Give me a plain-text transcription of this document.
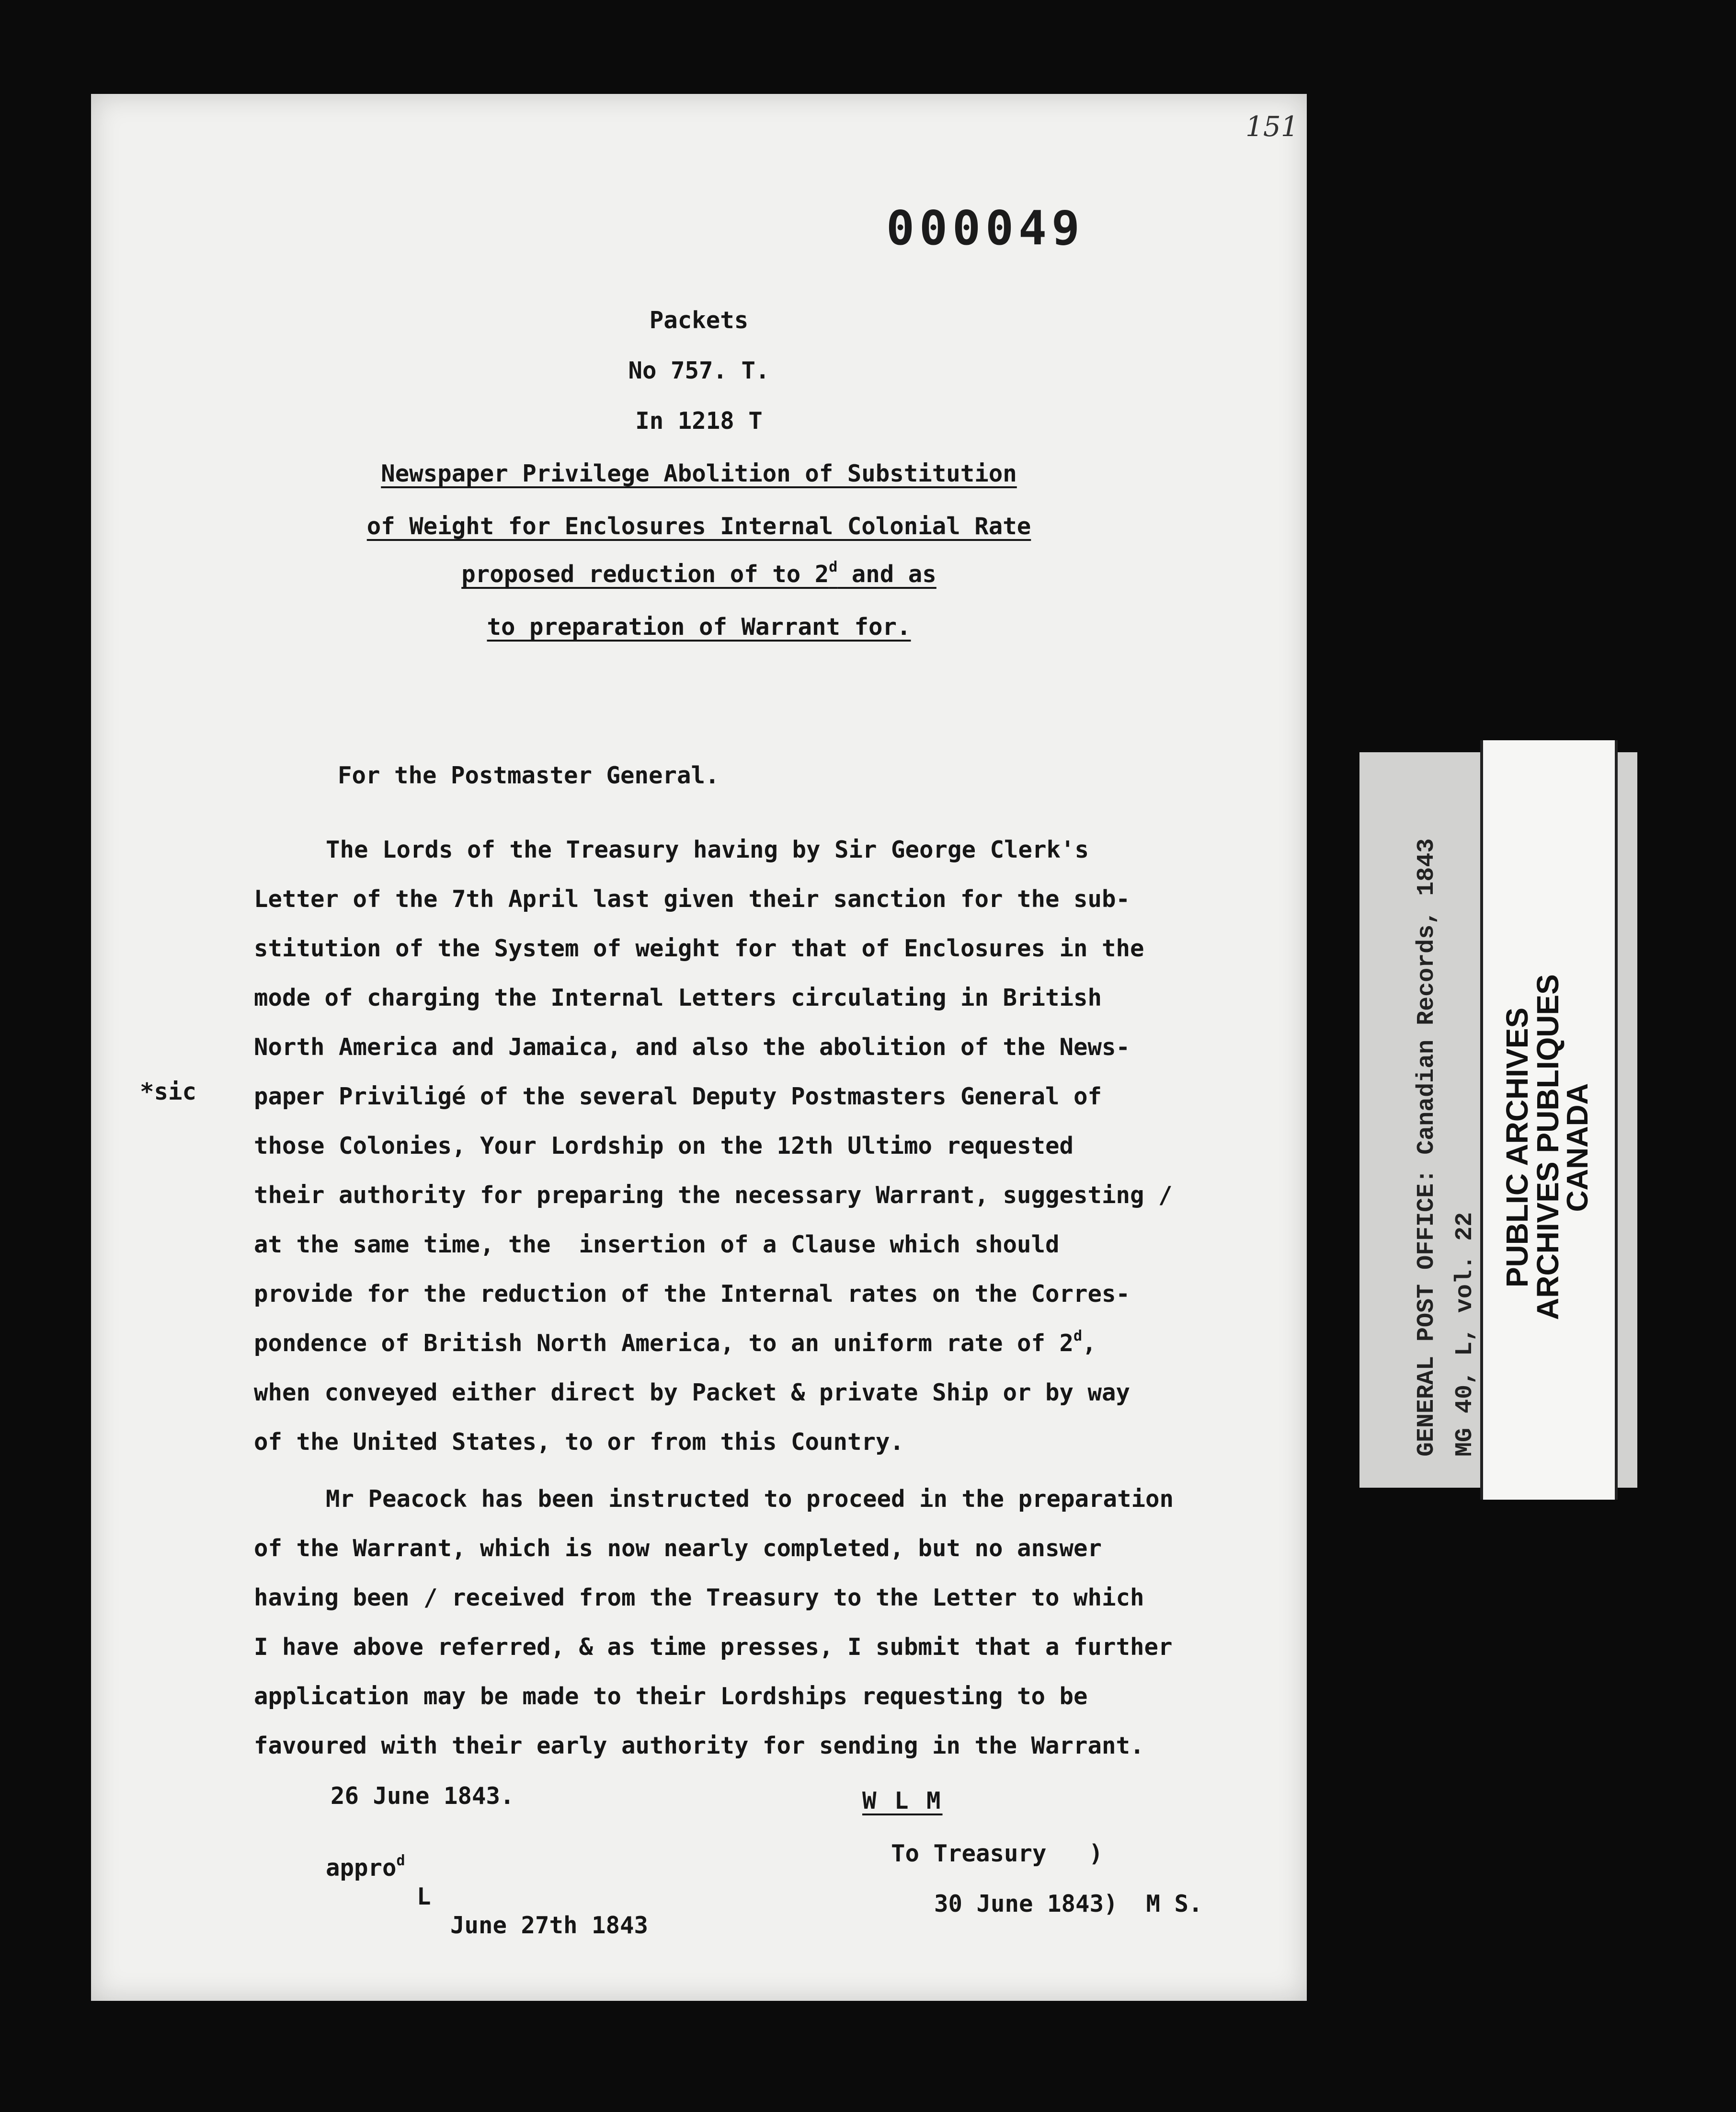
151
000049
Packets
No 757. T.
In 1218 T
Newspaper Privilege Abolition of Substitution
of Weight for Enclosures Internal Colonial Rate
proposed reduction of to 2$^d$ and as
to preparation of Warrant for.
For the Postmaster General.
*sic
The Lords of the Treasury having by Sir George Clerk's
Letter of the 7th April last given their sanction for the sub-
stitution of the System of weight for that of Enclosures in the
mode of charging the Internal Letters circulating in British
North America and Jamaica, and also the abolition of the News-
paper Priviligé of the several Deputy Postmasters General of
those Colonies, Your Lordship on the 12th Ultimo requested
their authority for preparing the necessary Warrant, suggesting /
at the same time, the  insertion of a Clause which should
provide for the reduction of the Internal rates on the Corres-
pondence of British North America, to an uniform rate of 2$^d$,
when conveyed either direct by Packet & private Ship or by way
of the United States, to or from this Country.
Mr Peacock has been instructed to proceed in the preparation
of the Warrant, which is now nearly completed, but no answer
having been / received from the Treasury to the Letter to which
I have above referred, & as time presses, I submit that a further
application may be made to their Lordships requesting to be
favoured with their early authority for sending in the Warrant.
26 June 1843.	W L M
To Treasury   )
30 June 1843)  M S.
appro$^d$
L
June 27th 1843
GENERAL POST OFFICE: Canadian Records, 1843 MG 40, L, vol. 22
PUBLIC ARCHIVES
ARCHIVES PUBLIQUES
CANADA
